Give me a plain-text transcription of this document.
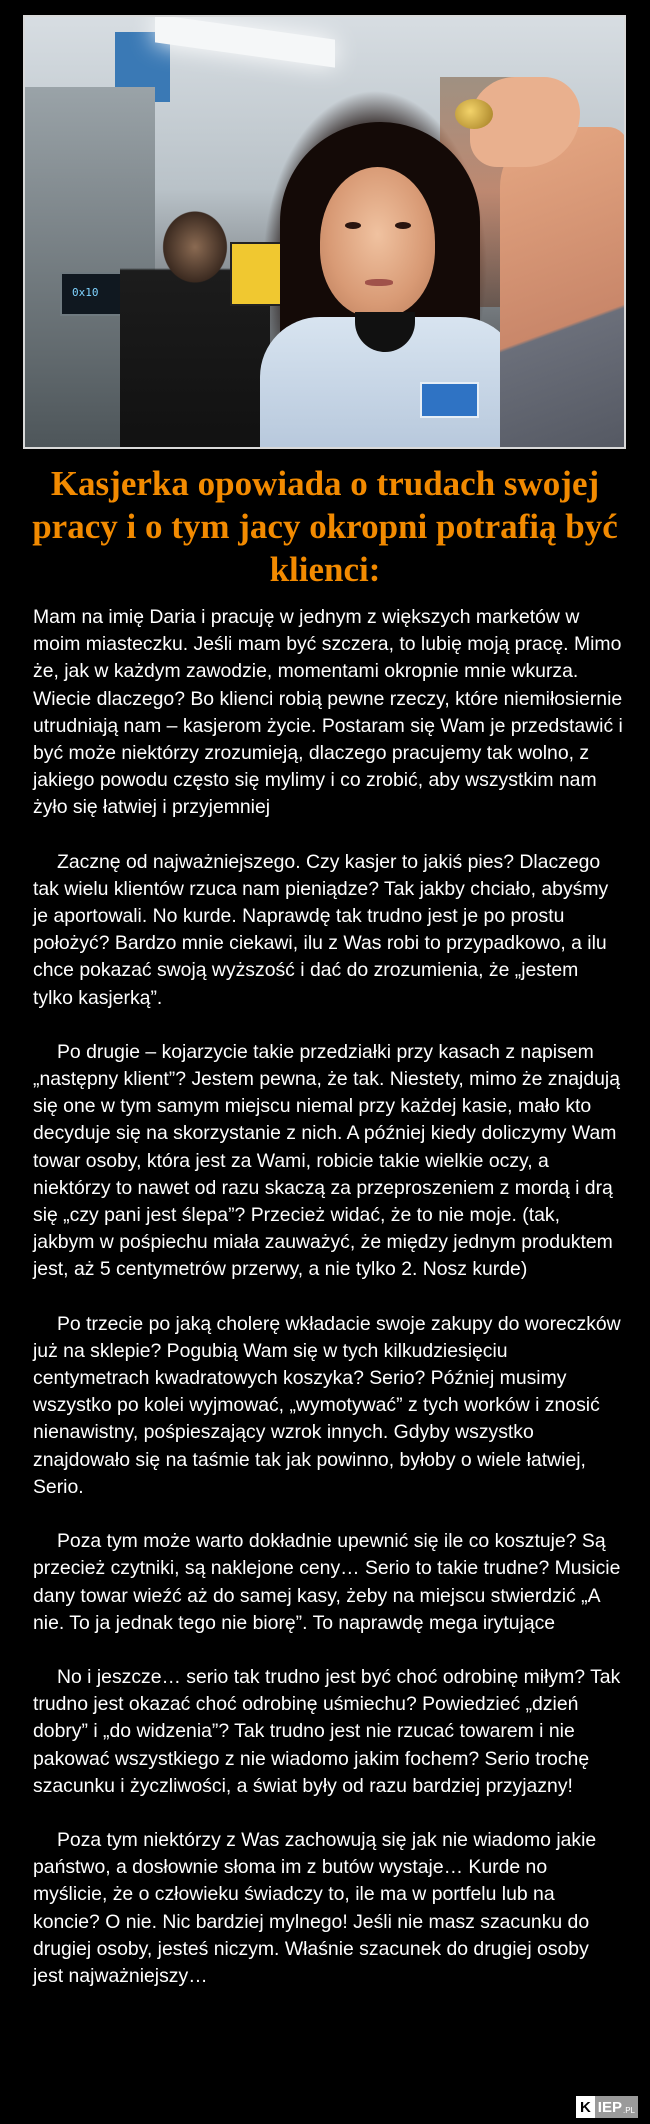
0x10
Kasjerka opowiada o trudach swojej pracy i o tym jacy okropni potrafią być klienci:

Mam na imię Daria i pracuję w jednym z większych marketów w moim miasteczku. Jeśli mam być szczera, to lubię moją pracę. Mimo że, jak w każdym zawodzie, momentami okropnie mnie wkurza. Wiecie dlaczego? Bo klienci robią pewne rzeczy, które niemiłosiernie utrudniają nam – kasjerom życie. Postaram się Wam je przedstawić i być może niektórzy zrozumieją, dlaczego pracujemy tak wolno, z jakiego powodu często się mylimy i co zrobić, aby wszystkim nam żyło się łatwiej i przyjemniej

Zacznę od najważniejszego. Czy kasjer to jakiś pies? Dlaczego tak wielu klientów rzuca nam pieniądze? Tak jakby chciało, abyśmy je aportowali. No kurde. Naprawdę tak trudno jest je po prostu położyć? Bardzo mnie ciekawi, ilu z Was robi to przypadkowo, a ilu chce pokazać swoją wyższość i dać do zrozumienia, że „jestem tylko kasjerką”.

Po drugie – kojarzycie takie przedziałki przy kasach z napisem „następny klient”? Jestem pewna, że tak. Niestety, mimo że znajdują się one w tym samym miejscu niemal przy każdej kasie, mało kto decyduje się na skorzystanie z nich. A później kiedy doliczymy Wam towar osoby, która jest za Wami, robicie takie wielkie oczy, a niektórzy to nawet od razu skaczą za przeproszeniem z mordą i drą się „czy pani jest ślepa”? Przecież widać, że to nie moje. (tak, jakbym w pośpiechu miała zauważyć, że między jednym produktem jest, aż 5 centymetrów przerwy, a nie tylko 2. Nosz kurde)

Po trzecie po jaką cholerę wkładacie swoje zakupy do woreczków już na sklepie? Pogubią Wam się w tych kilkudziesięciu centymetrach kwadratowych koszyka? Serio? Później musimy wszystko po kolei wyjmować, „wymotywać” z tych worków i znosić nienawistny, pośpieszający wzrok innych. Gdyby wszystko znajdowało się na taśmie tak jak powinno, byłoby o wiele łatwiej, Serio.

Poza tym może warto dokładnie upewnić się ile co kosztuje? Są przecież czytniki, są naklejone ceny… Serio to takie trudne? Musicie dany towar wieźć aż do samej kasy, żeby na miejscu stwierdzić „A nie. To ja jednak tego nie biorę”. To naprawdę mega irytujące

No i jeszcze… serio tak trudno jest być choć odrobinę miłym? Tak trudno jest okazać choć odrobinę uśmiechu? Powiedzieć „dzień dobry” i „do widzenia”? Tak trudno jest nie rzucać towarem i nie pakować wszystkiego z nie wiadomo jakim fochem? Serio trochę szacunku i życzliwości, a świat były od razu bardziej przyjazny!

Poza tym niektórzy z Was zachowują się jak nie wiadomo jakie państwo, a dosłownie słoma im z butów wystaje… Kurde no myślicie, że o człowieku świadczy to, ile ma w portfelu lub na koncie? O nie. Nic bardziej mylnego! Jeśli nie masz szacunku do drugiej osoby, jesteś niczym. Właśnie szacunek do drugiej osoby jest najważniejszy…

K IEP .PL
